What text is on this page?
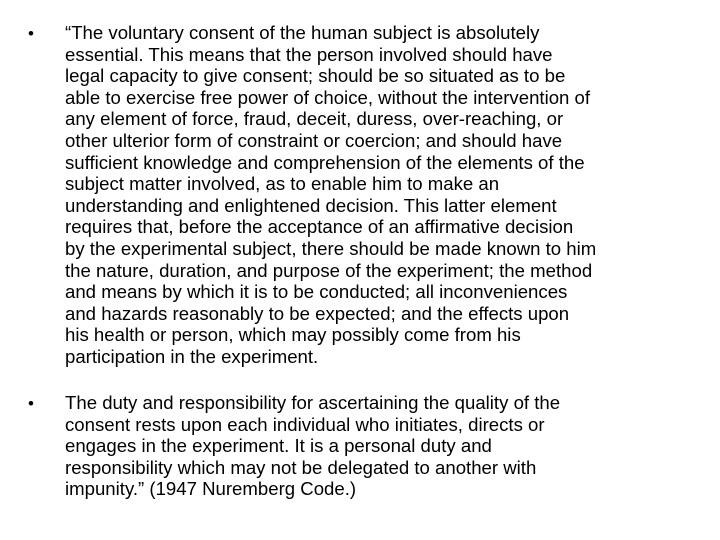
•	“The voluntary consent of the human subject is absolutely
essential. This means that the person involved should have
legal capacity to give consent; should be so situated as to be
able to exercise free power of choice, without the intervention of
any element of force, fraud, deceit, duress, over-reaching, or
other ulterior form of constraint or coercion; and should have
sufficient knowledge and comprehension of the elements of the
subject matter involved, as to enable him to make an
understanding and enlightened decision. This latter element
requires that, before the acceptance of an affirmative decision
by the experimental subject, there should be made known to him
the nature, duration, and purpose of the experiment; the method
and means by which it is to be conducted; all inconveniences
and hazards reasonably to be expected; and the effects upon
his health or person, which may possibly come from his
participation in the experiment.
•	The duty and responsibility for ascertaining the quality of the
consent rests upon each individual who initiates, directs or
engages in the experiment. It is a personal duty and
responsibility which may not be delegated to another with
impunity.” (1947 Nuremberg Code.)
